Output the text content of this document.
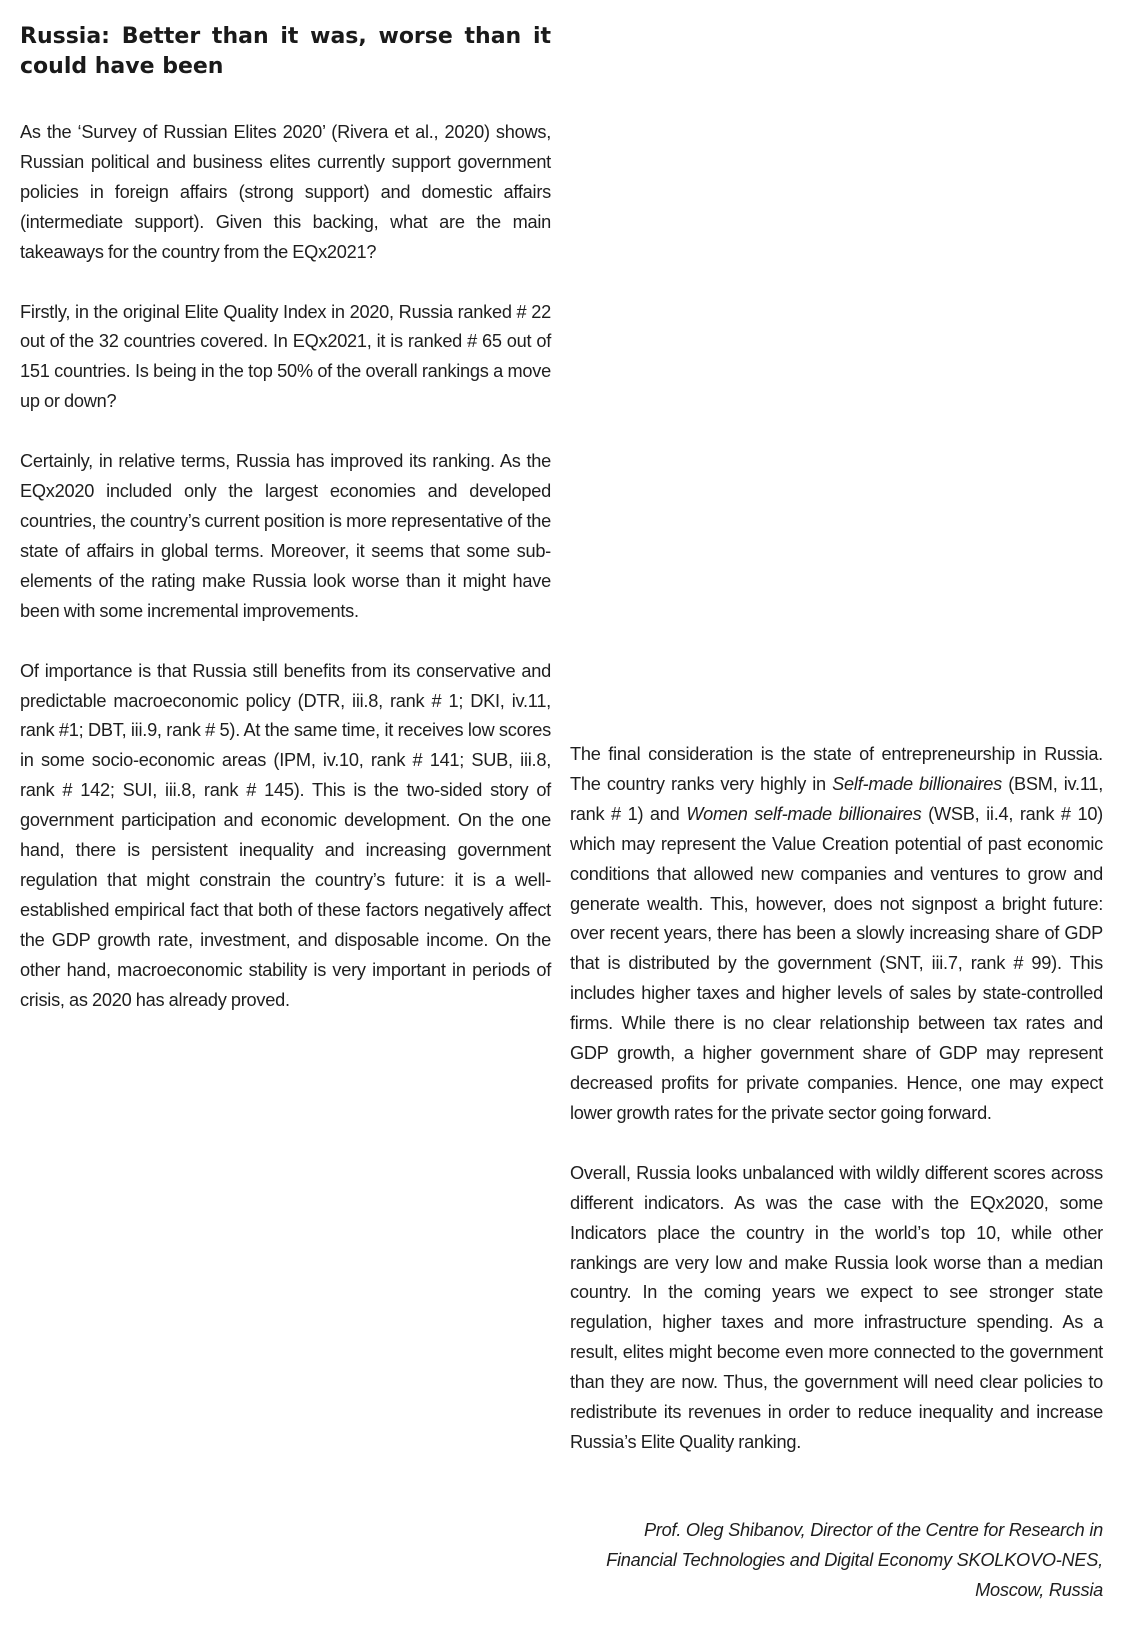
Russia: Better than it was, worse than it could have been

As the ‘Survey of Russian Elites 2020’ (Rivera et al., 2020) shows, Russian political and business elites currently support government policies in foreign affairs (strong support) and domestic affairs (intermediate support). Given this backing, what are the main takeaways for the country from the EQx2021?

Firstly, in the original Elite Quality Index in 2020, Russia ranked # 22 out of the 32 countries covered. In EQx2021, it is ranked # 65 out of 151 countries. Is being in the top 50% of the overall rankings a move up or down?

Certainly, in relative terms, Russia has improved its ranking. As the EQx2020 included only the largest economies and developed countries, the country’s current position is more representative of the state of affairs in global terms. Moreover, it seems that some sub-elements of the rating make Russia look worse than it might have been with some incremental improvements.

Of importance is that Russia still benefits from its conservative and predictable macroeconomic policy (DTR, iii.8, rank # 1; DKI, iv.11, rank #1; DBT, iii.9, rank # 5). At the same time, it receives low scores in some socio-economic areas (IPM, iv.10, rank # 141; SUB, iii.8, rank # 142; SUI, iii.8, rank # 145). This is the two-sided story of government participation and economic development. On the one hand, there is persistent inequality and increasing government regulation that might constrain the country’s future: it is a well-established empirical fact that both of these factors negatively affect the GDP growth rate, investment, and disposable income. On the other hand, macroeconomic stability is very important in periods of crisis, as 2020 has already proved.

The final consideration is the state of entrepreneurship in Russia. The country ranks very highly in Self-made billionaires (BSM, iv.11, rank # 1) and Women self-made billionaires (WSB, ii.4, rank # 10) which may represent the Value Creation potential of past economic conditions that allowed new companies and ventures to grow and generate wealth. This, however, does not signpost a bright future: over recent years, there has been a slowly increasing share of GDP that is distributed by the government (SNT, iii.7, rank # 99). This includes higher taxes and higher levels of sales by state-controlled firms. While there is no clear relationship between tax rates and GDP growth, a higher government share of GDP may represent decreased profits for private companies. Hence, one may expect lower growth rates for the private sector going forward.

Overall, Russia looks unbalanced with wildly different scores across different indicators. As was the case with the EQx2020, some Indicators place the country in the world’s top 10, while other rankings are very low and make Russia look worse than a median country. In the coming years we expect to see stronger state regulation, higher taxes and more infrastructure spending. As a result, elites might become even more connected to the government than they are now. Thus, the government will need clear policies to redistribute its revenues in order to reduce inequality and increase Russia’s Elite Quality ranking.

Prof. Oleg Shibanov, Director of the Centre for Research in
Financial Technologies and Digital Economy SKOLKOVO-NES,
Moscow, Russia
